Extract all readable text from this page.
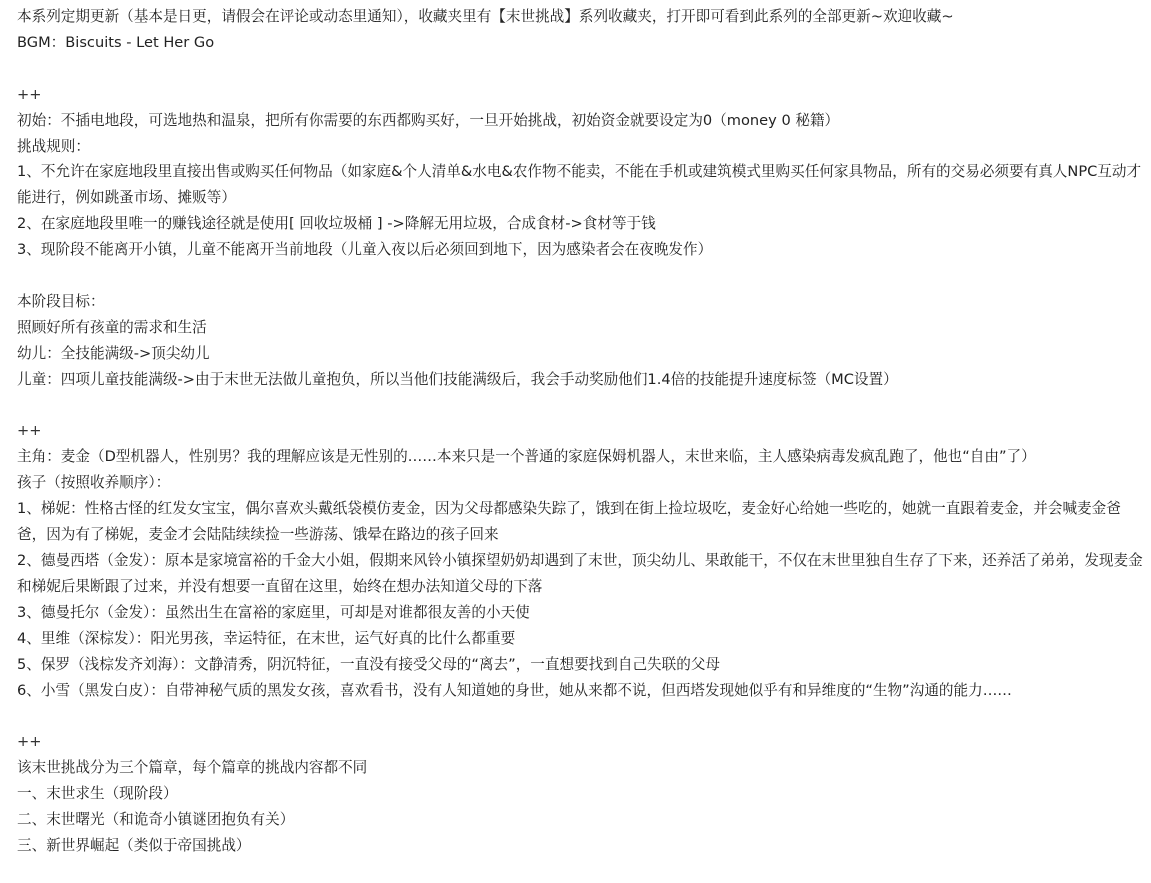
本系列定期更新（基本是日更，请假会在评论或动态里通知），收藏夹里有【末世挑战】系列收藏夹，打开即可看到此系列的全部更新~欢迎收藏~
BGM：Biscuits - Let Her Go
++
初始：不插电地段，可选地热和温泉，把所有你需要的东西都购买好，一旦开始挑战，初始资金就要设定为0（money 0 秘籍）
挑战规则：
1、不允许在家庭地段里直接出售或购买任何物品（如家庭&个人清单&水电&农作物不能卖，不能在手机或建筑模式里购买任何家具物品，所有的交易必须要有真人NPC互动才能进行，例如跳蚤市场、摊贩等）
2、在家庭地段里唯一的赚钱途径就是使用[ 回收垃圾桶 ] ->降解无用垃圾，合成食材->食材等于钱
3、现阶段不能离开小镇，儿童不能离开当前地段（儿童入夜以后必须回到地下，因为感染者会在夜晚发作）
本阶段目标：
照顾好所有孩童的需求和生活
幼儿：全技能满级->顶尖幼儿
儿童：四项儿童技能满级->由于末世无法做儿童抱负，所以当他们技能满级后，我会手动奖励他们1.4倍的技能提升速度标签（MC设置）
++
主角：麦金（D型机器人，性别男？我的理解应该是无性别的……本来只是一个普通的家庭保姆机器人，末世来临，主人感染病毒发疯乱跑了，他也“自由”了）
孩子（按照收养顺序）：
1、梯妮：性格古怪的红发女宝宝，偶尔喜欢头戴纸袋模仿麦金，因为父母都感染失踪了，饿到在街上捡垃圾吃，麦金好心给她一些吃的，她就一直跟着麦金，并会喊麦金爸爸，因为有了梯妮，麦金才会陆陆续续捡一些游荡、饿晕在路边的孩子回来
2、德曼西塔（金发）：原本是家境富裕的千金大小姐，假期来风铃小镇探望奶奶却遇到了末世，顶尖幼儿、果敢能干，不仅在末世里独自生存了下来，还养活了弟弟，发现麦金和梯妮后果断跟了过来，并没有想要一直留在这里，始终在想办法知道父母的下落
3、德曼托尔（金发）：虽然出生在富裕的家庭里，可却是对谁都很友善的小天使
4、里维（深棕发）：阳光男孩，幸运特征，在末世，运气好真的比什么都重要
5、保罗（浅棕发齐刘海）：文静清秀，阴沉特征，一直没有接受父母的“离去”，一直想要找到自己失联的父母
6、小雪（黑发白皮）：自带神秘气质的黑发女孩，喜欢看书，没有人知道她的身世，她从来都不说，但西塔发现她似乎有和异维度的“生物”沟通的能力……
++
该末世挑战分为三个篇章，每个篇章的挑战内容都不同
一、末世求生（现阶段）
二、末世曙光（和诡奇小镇谜团抱负有关）
三、新世界崛起（类似于帝国挑战）
